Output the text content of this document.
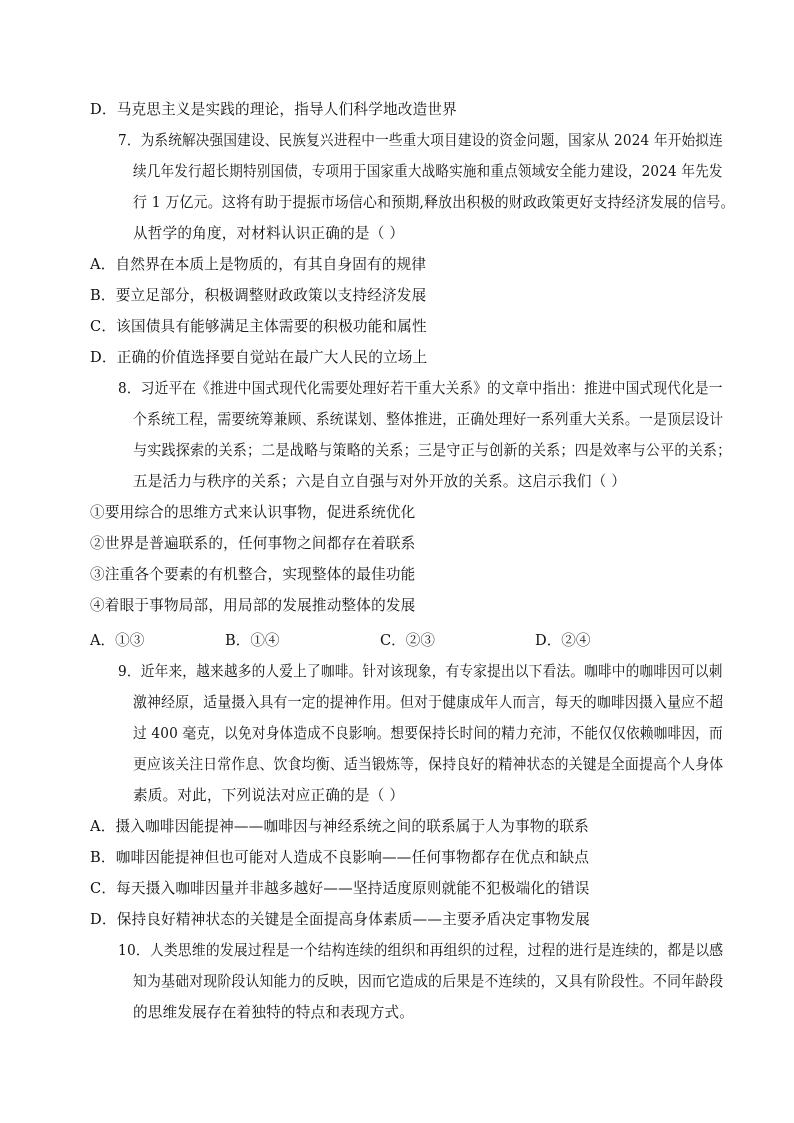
D．马克思主义是实践的理论，指导人们科学地改造世界
7．为系统解决强国建设、民族复兴进程中一些重大项目建设的资金问题，国家从 2024 年开始拟连
续几年发行超长期特别国债，专项用于国家重大战略实施和重点领域安全能力建设，2024 年先发
行 1 万亿元。这将有助于提振市场信心和预期,释放出积极的财政政策更好支持经济发展的信号。
从哲学的角度，对材料认识正确的是（ ）
A．自然界在本质上是物质的，有其自身固有的规律
B．要立足部分，积极调整财政政策以支持经济发展
C．该国债具有能够满足主体需要的积极功能和属性
D．正确的价值选择要自觉站在最广大人民的立场上
8．习近平在《推进中国式现代化需要处理好若干重大关系》的文章中指出：推进中国式现代化是一
个系统工程，需要统筹兼顾、系统谋划、整体推进，正确处理好一系列重大关系。一是顶层设计
与实践探索的关系；二是战略与策略的关系；三是守正与创新的关系；四是效率与公平的关系；
五是活力与秩序的关系；六是自立自强与对外开放的关系。这启示我们（ ）
①要用综合的思维方式来认识事物，促进系统优化
②世界是普遍联系的，任何事物之间都存在着联系
③注重各个要素的有机整合，实现整体的最佳功能
④着眼于事物局部，用局部的发展推动整体的发展
9．近年来，越来越多的人爱上了咖啡。针对该现象，有专家提出以下看法。咖啡中的咖啡因可以刺
激神经原，适量摄入具有一定的提神作用。但对于健康成年人而言，每天的咖啡因摄入量应不超
过 400 毫克，以免对身体造成不良影响。想要保持长时间的精力充沛，不能仅仅依赖咖啡因，而
更应该关注日常作息、饮食均衡、适当锻炼等，保持良好的精神状态的关键是全面提高个人身体
素质。对此，下列说法对应正确的是（ ）
A．摄入咖啡因能提神——咖啡因与神经系统之间的联系属于人为事物的联系
B．咖啡因能提神但也可能对人造成不良影响——任何事物都存在优点和缺点
C．每天摄入咖啡因量并非越多越好——坚持适度原则就能不犯极端化的错误
D．保持良好精神状态的关键是全面提高身体素质——主要矛盾决定事物发展
10．人类思维的发展过程是一个结构连续的组织和再组织的过程，过程的进行是连续的，都是以感
知为基础对现阶段认知能力的反映，因而它造成的后果是不连续的，又具有阶段性。不同年龄段
的思维发展存在着独特的特点和表现方式。
A．①③	B．①④	C．②③	D．②④
